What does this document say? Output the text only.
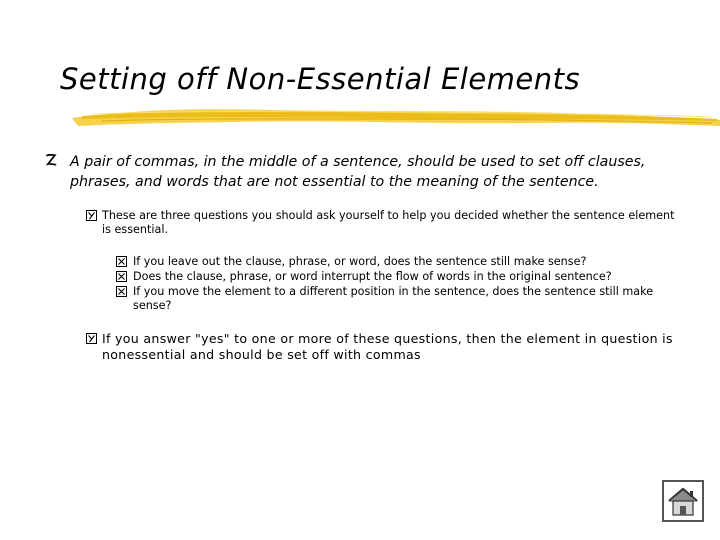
Setting off Non-Essential Elements
A pair of commas, in the middle of a sentence, should be used to set off clauses, phrases, and words that are not essential to the meaning of the sentence.
These are three questions you should ask yourself to help you decided whether the sentence element is essential.
If you leave out the clause, phrase, or word, does the sentence still make sense?
Does the clause, phrase, or word interrupt the flow of words in the original sentence?
If you move the element to a different position in the sentence, does the sentence still make sense?
If you answer "yes" to one or more of these questions, then the element in question is nonessential and should be set off with commas
